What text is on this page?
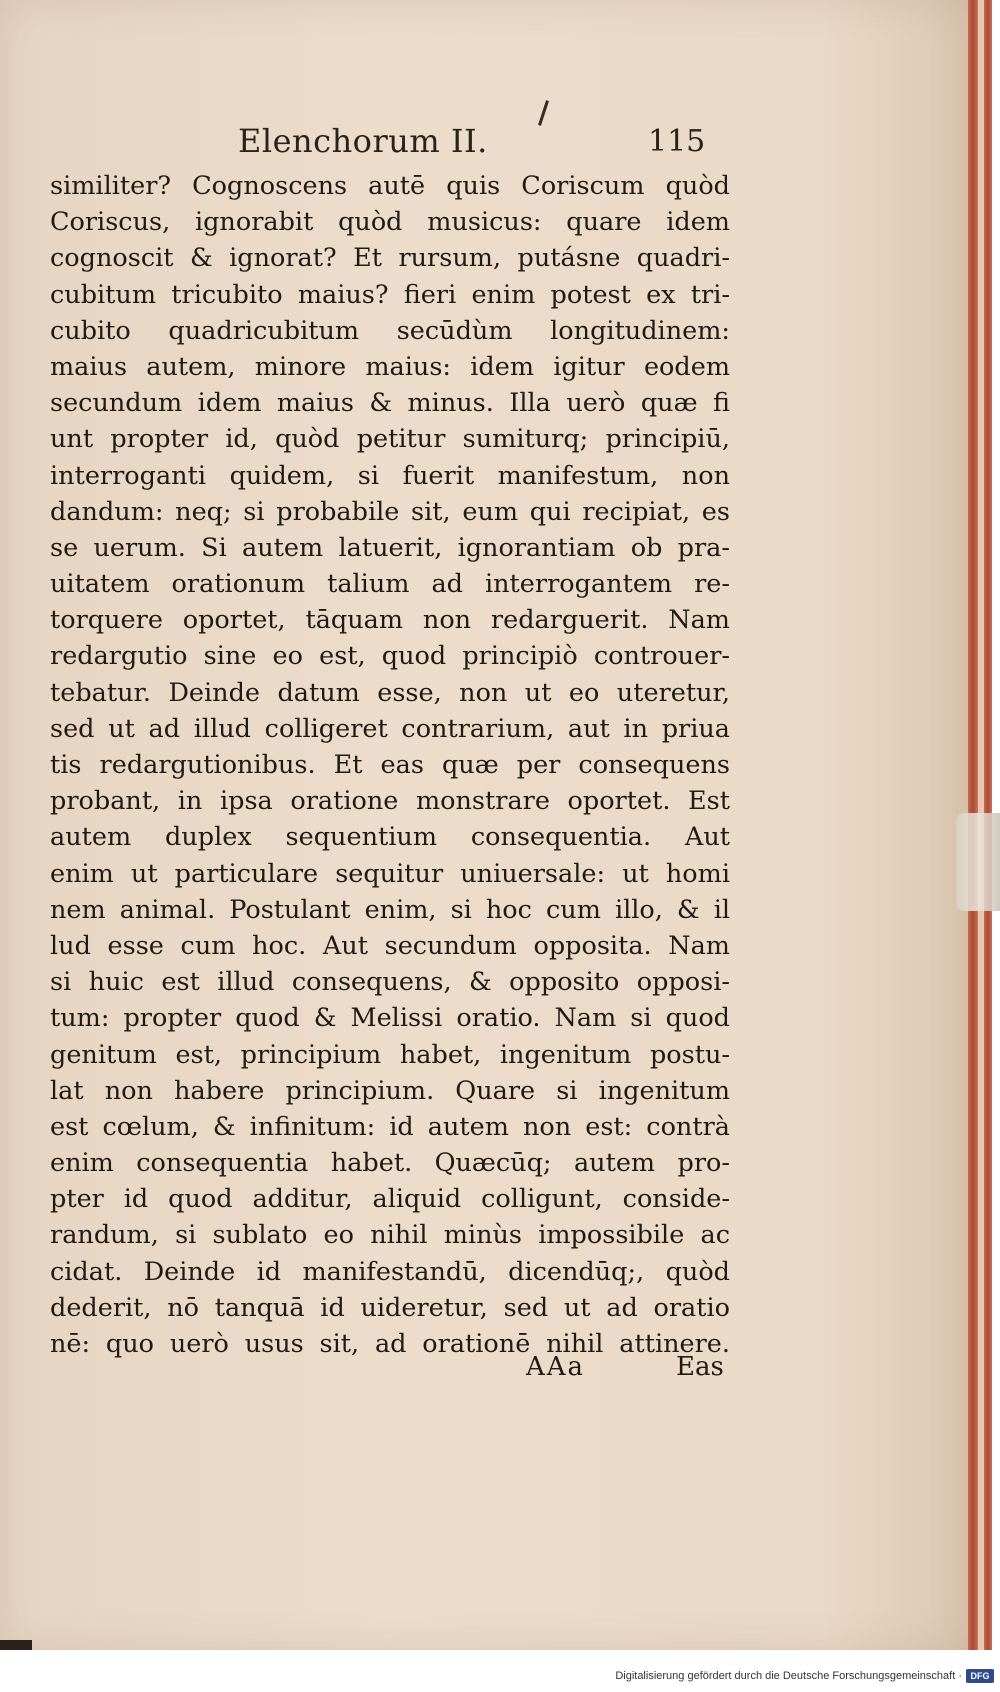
Elenchorum II.	115
similiter? Cognoscens autē quis Coriscum quòd
Coriscus, ignorabit quòd musicus: quare idem
cognoscit & ignorat? Et rursum, putásne quadri-
cubitum tricubito maius? fieri enim potest ex tri-
cubito quadricubitum secūdùm longitudinem:
maius autem, minore maius: idem igitur eodem
secundum idem maius & minus. Illa uerò quæ fi
unt propter id, quòd petitur sumiturq; principiū,
interroganti quidem, si fuerit manifestum, non
dandum: neq; si probabile sit, eum qui recipiat, es
se uerum. Si autem latuerit, ignorantiam ob pra-
uitatem orationum talium ad interrogantem re-
torquere oportet, tāquam non redarguerit. Nam
redargutio sine eo est, quod principiò controuer-
tebatur. Deinde datum esse, non ut eo uteretur,
sed ut ad illud colligeret contrarium, aut in priua
tis redargutionibus. Et eas quæ per consequens
probant, in ipsa oratione monstrare oportet. Est
autem duplex sequentium consequentia. Aut
enim ut particulare sequitur uniuersale: ut homi
nem animal. Postulant enim, si hoc cum illo, & il
lud esse cum hoc. Aut secundum opposita. Nam
si huic est illud consequens, & opposito opposi-
tum: propter quod & Melissi oratio. Nam si quod
genitum est, principium habet, ingenitum postu-
lat non habere principium. Quare si ingenitum
est cœlum, & infinitum: id autem non est: contrà
enim consequentia habet. Quæcūq; autem pro-
pter id quod additur, aliquid colligunt, conside-
randum, si sublato eo nihil minùs impossibile ac
cidat. Deinde id manifestandū, dicendūq;, quòd
dederit, nō tanquā id uideretur, sed ut ad oratio
nē: quo uerò usus sit, ad orationē nihil attinere.
AAa	Eas
Digitalisierung gefördert durch die Deutsche Forschungsgemeinschaft · DFG
